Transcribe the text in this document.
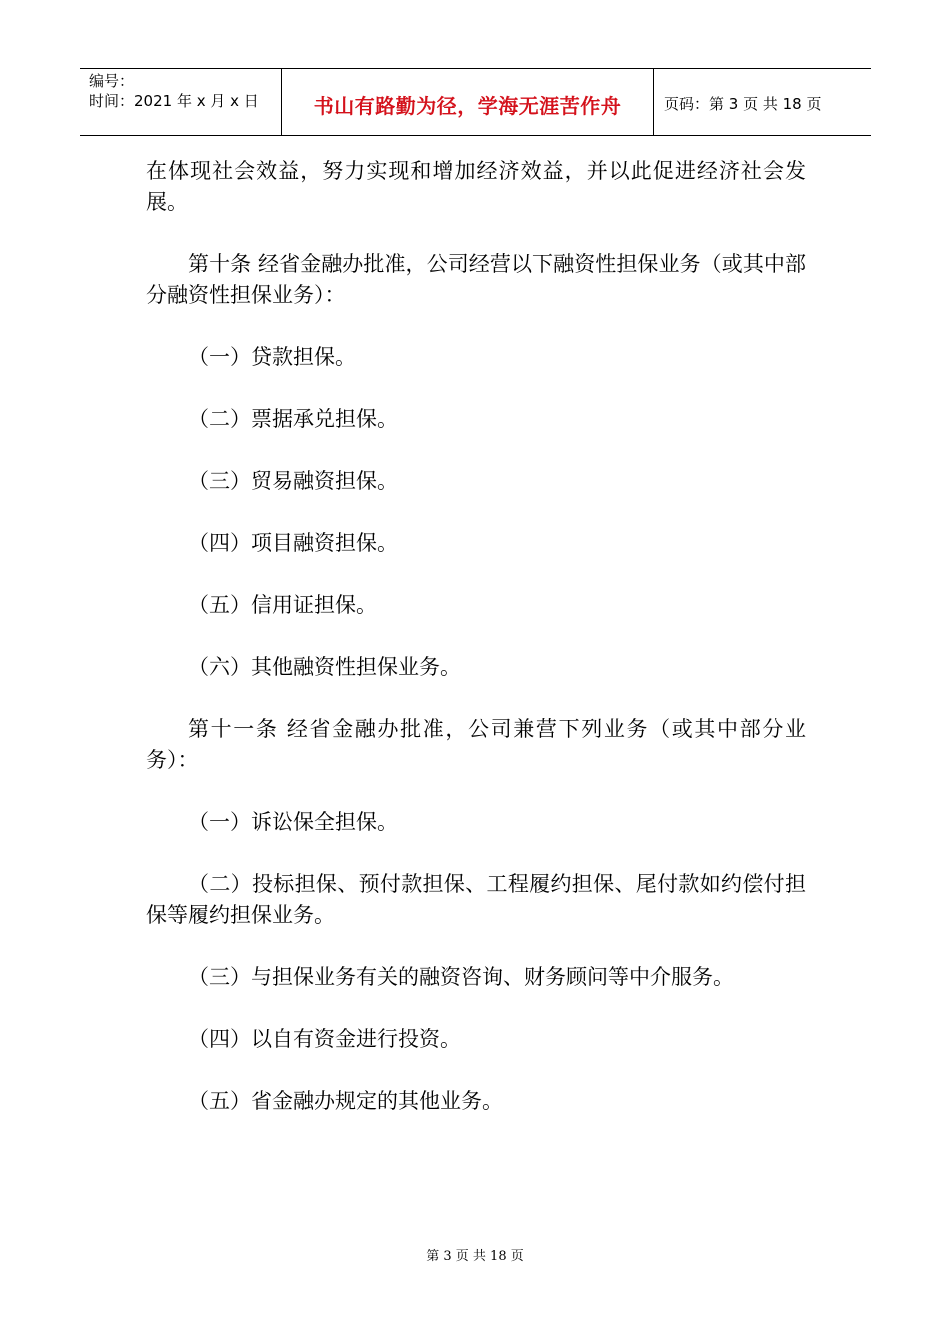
编号：
时间：2021 年 x 月 x 日	书山有路勤为径，学海无涯苦作舟	页码：第 3 页 共 18 页

在体现社会效益，努力实现和增加经济效益，并以此促进经济社会发展。

第十条 经省金融办批准，公司经营以下融资性担保业务（或其中部分融资性担保业务）：

（一）贷款担保。

（二）票据承兑担保。

（三）贸易融资担保。

（四）项目融资担保。

（五）信用证担保。

（六）其他融资性担保业务。

第十一条 经省金融办批准，公司兼营下列业务（或其中部分业务）：

（一）诉讼保全担保。

（二）投标担保、预付款担保、工程履约担保、尾付款如约偿付担保等履约担保业务。

（三）与担保业务有关的融资咨询、财务顾问等中介服务。

（四）以自有资金进行投资。

（五）省金融办规定的其他业务。

第 3 页 共 18 页
